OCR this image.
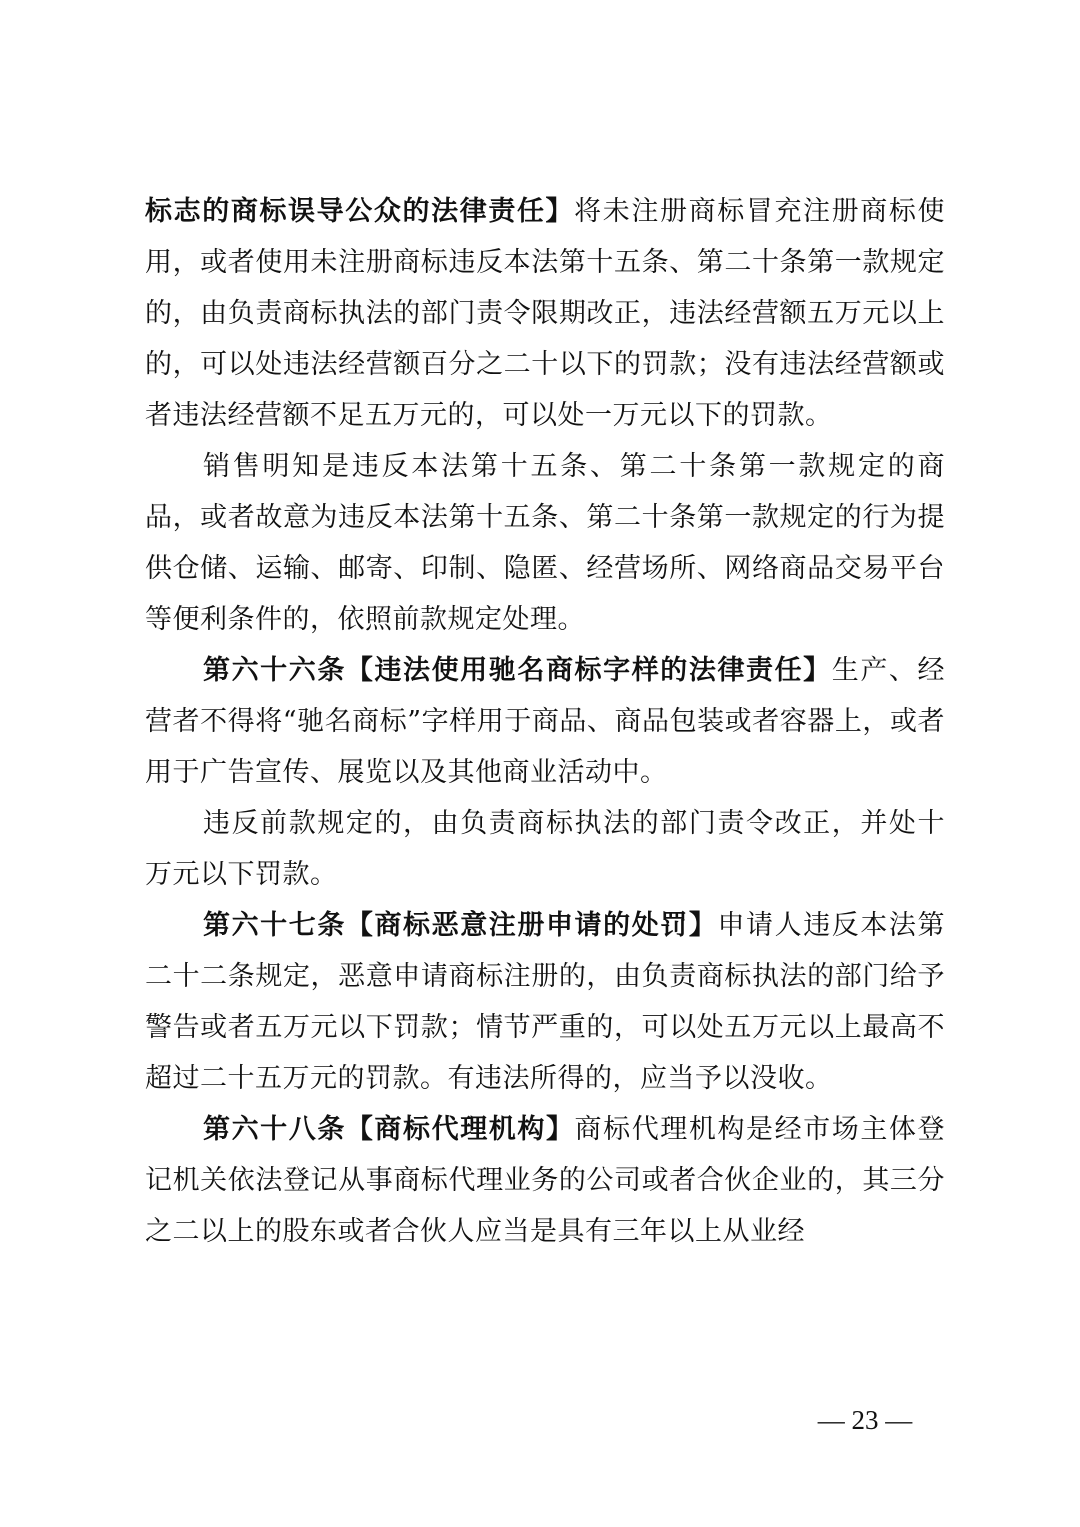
标志的商标误导公众的法律责任】将未注册商标冒充注册商标使用，或者使用未注册商标违反本法第十五条、第二十条第一款规定的，由负责商标执法的部门责令限期改正，违法经营额五万元以上的，可以处违法经营额百分之二十以下的罚款；没有违法经营额或者违法经营额不足五万元的，可以处一万元以下的罚款。

销售明知是违反本法第十五条、第二十条第一款规定的商品，或者故意为违反本法第十五条、第二十条第一款规定的行为提供仓储、运输、邮寄、印制、隐匿、经营场所、网络商品交易平台等便利条件的，依照前款规定处理。

第六十六条【违法使用驰名商标字样的法律责任】生产、经营者不得将“驰名商标”字样用于商品、商品包装或者容器上，或者用于广告宣传、展览以及其他商业活动中。

违反前款规定的，由负责商标执法的部门责令改正，并处十万元以下罚款。

第六十七条【商标恶意注册申请的处罚】申请人违反本法第二十二条规定，恶意申请商标注册的，由负责商标执法的部门给予警告或者五万元以下罚款；情节严重的，可以处五万元以上最高不超过二十五万元的罚款。有违法所得的，应当予以没收。

第六十八条【商标代理机构】商标代理机构是经市场主体登记机关依法登记从事商标代理业务的公司或者合伙企业的，其三分之二以上的股东或者合伙人应当是具有三年以上从业经

— 23 —
